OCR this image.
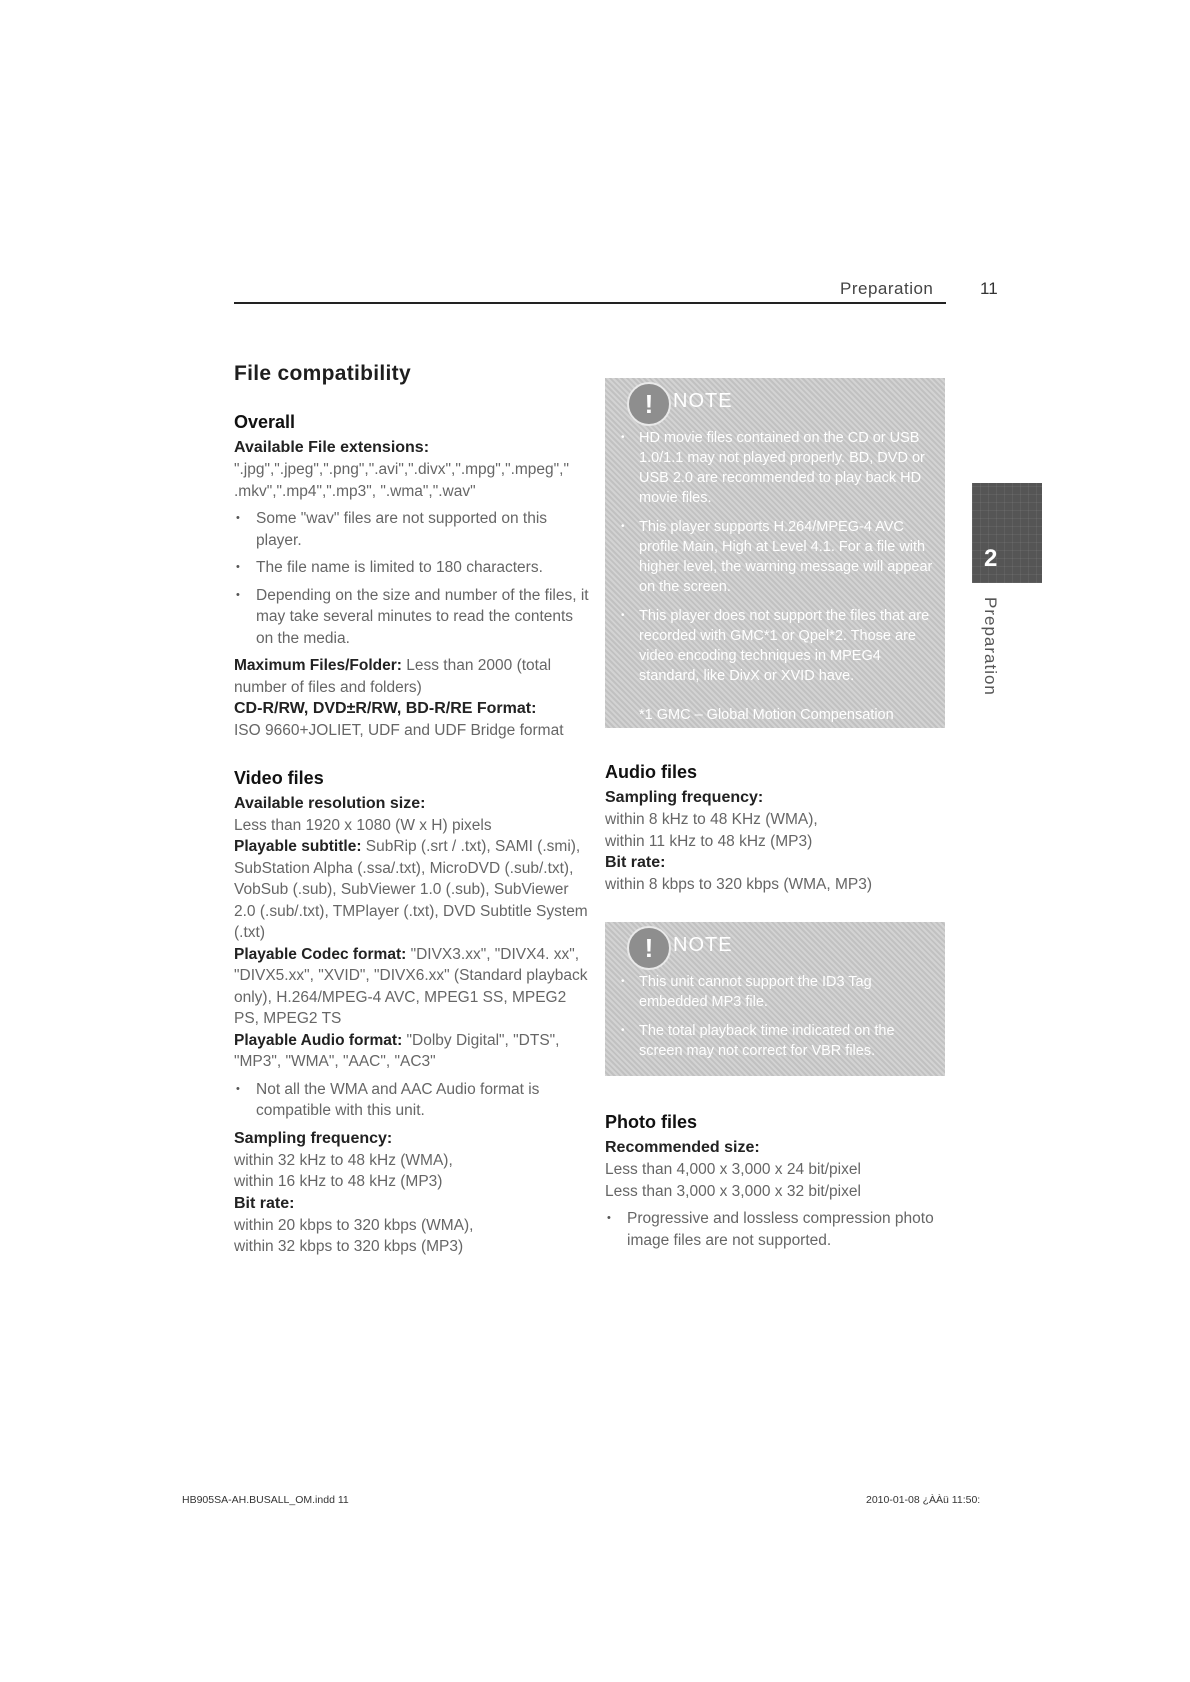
Preparation	11
File compatibility
Overall
Available File extensions:

".jpg",".jpeg",".png",".avi",".divx",".mpg",".mpeg"," .mkv",".mp4",".mp3", ".wma",".wav"

• Some "wav" files are not supported on this player.
• The file name is limited to 180 characters.
• Depending on the size and number of the files, it may take several minutes to read the contents on the media.

Maximum Files/Folder: Less than 2000 (total number of files and folders)

CD-R/RW, DVD±R/RW, BD-R/RE Format:

ISO 9660+JOLIET, UDF and UDF Bridge format

Video files
Available resolution size:

Less than 1920 x 1080 (W x H) pixels

Playable subtitle: SubRip (.srt / .txt), SAMI (.smi), SubStation Alpha (.ssa/.txt), MicroDVD (.sub/.txt), VobSub (.sub), SubViewer 1.0 (.sub), SubViewer 2.0 (.sub/.txt), TMPlayer (.txt), DVD Subtitle System (.txt)

Playable Codec format: "DIVX3.xx", "DIVX4. xx", "DIVX5.xx", "XVID", "DIVX6.xx" (Standard playback only), H.264/MPEG-4 AVC, MPEG1 SS, MPEG2 PS, MPEG2 TS

Playable Audio format: "Dolby Digital", "DTS", "MP3", "WMA", "AAC", "AC3"

• Not all the WMA and AAC Audio format is compatible with this unit.
Sampling frequency:

within 32 kHz to 48 kHz (WMA),

within 16 kHz to 48 kHz (MP3)

Bit rate:

within 20 kbps to 320 kbps (WMA),

within 32 kbps to 320 kbps (MP3)

! NOTE
• HD movie files contained on the CD or USB 1.0/1.1 may not played properly. BD, DVD or USB 2.0 are recommended to play back HD movie files.
• This player supports H.264/MPEG-4 AVC profile Main, High at Level 4.1. For a file with higher level, the warning message will appear on the screen.
• This player does not support the files that are recorded with GMC*1 or Qpel*2. Those are video encoding techniques in MPEG4 standard, like DivX or XVID have.
*1 GMC – Global Motion Compensation
*2 Qpel – Quarter pixel
Audio files
Sampling frequency:

within 8 kHz to 48 KHz (WMA),

within 11 kHz to 48 kHz (MP3)

Bit rate:

within 8 kbps to 320 kbps (WMA, MP3)

! NOTE
• This unit cannot support the ID3 Tag embedded MP3 file.
• The total playback time indicated on the screen may not correct for VBR files.
Photo files
Recommended size:

Less than 4,000 x 3,000 x 24 bit/pixel

Less than 3,000 x 3,000 x 32 bit/pixel

• Progressive and lossless compression photo image files are not supported.
2
Preparation
HB905SA-AH.BUSALL_OM.indd 11	2010-01-08 ¿ÀÀü 11:50:
